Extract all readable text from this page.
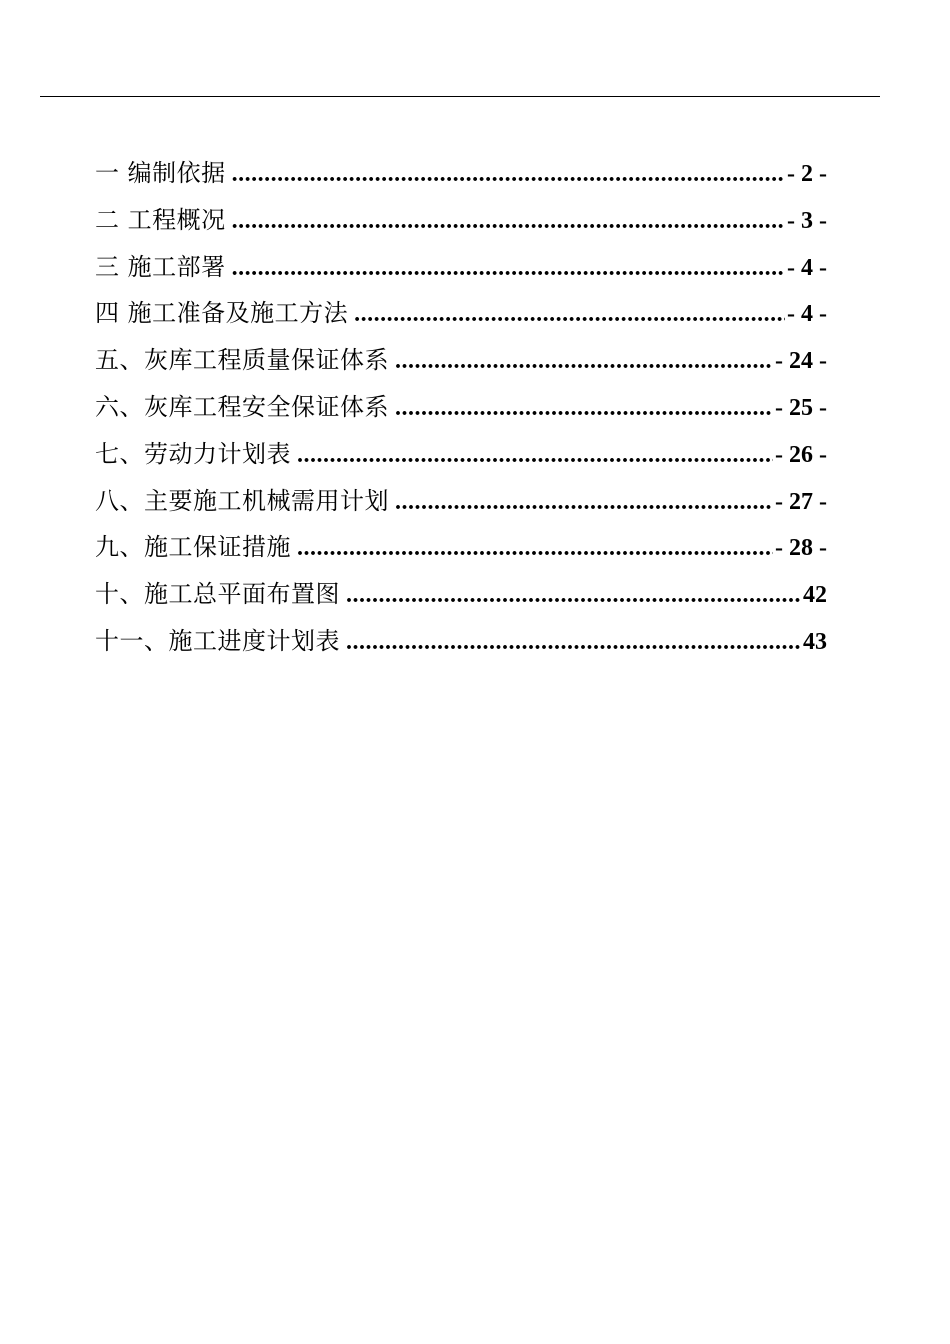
一 编制依据 .....	- 2 -
二 工程概况 .....	- 3 -
三 施工部署 .....	- 4 -
四 施工准备及施工方法 .....	- 4 -
五、灰库工程质量保证体系 .....	- 24 -
六、灰库工程安全保证体系 .....	- 25 -
七、劳动力计划表 .....	- 26 -
八、主要施工机械需用计划 .....	- 27 -
九、施工保证措施 .....	- 28 -
十、施工总平面布置图 .....	42
十一、施工进度计划表 .....	43
